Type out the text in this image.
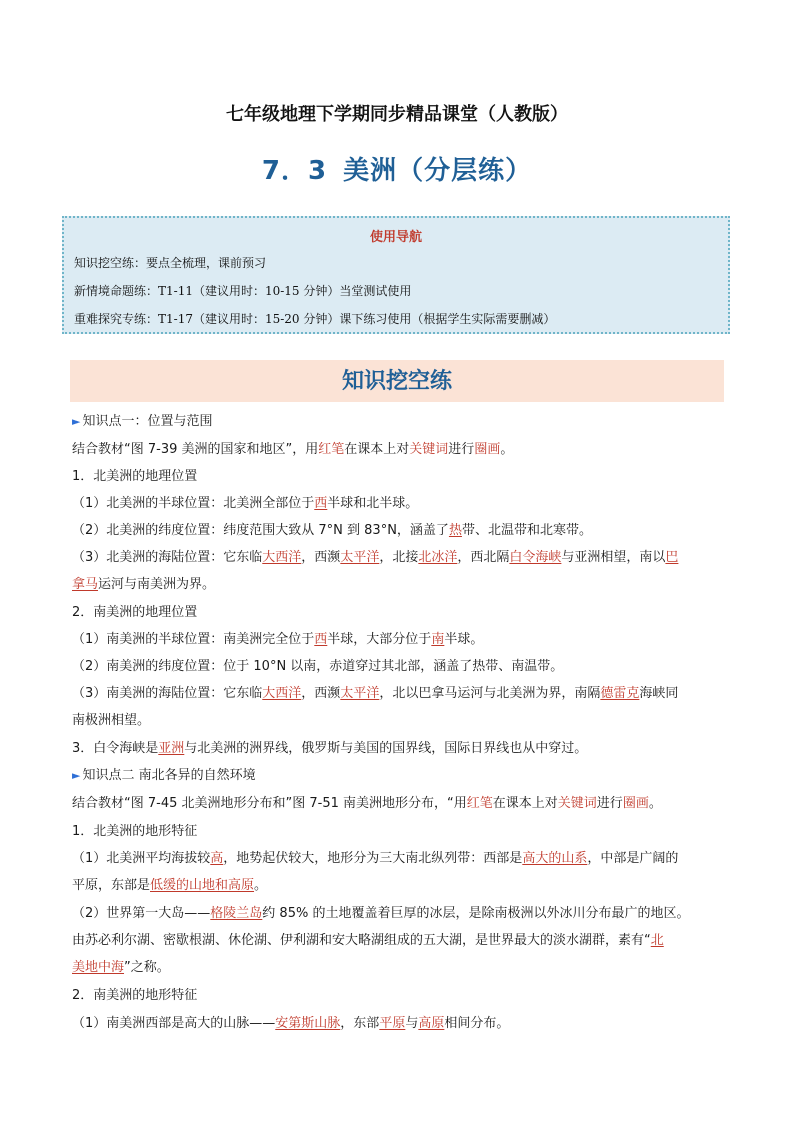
七年级地理下学期同步精品课堂（人教版）
7．3 美洲（分层练）
使用导航
知识挖空练：要点全梳理，课前预习
新情境命题练：T1-11（建议用时：10-15 分钟）当堂测试使用
重难探究专练：T1-17（建议用时：15-20 分钟）课下练习使用（根据学生实际需要删减）
知识挖空练
► 知识点一：位置与范围
结合教材“图 7-39 美洲的国家和地区”，用红笔在课本上对关键词进行圈画。
1．北美洲的地理位置
（1）北美洲的半球位置：北美洲全部位于西半球和北半球。
（2）北美洲的纬度位置：纬度范围大致从 7°N 到 83°N，涵盖了热带、北温带和北寒带。
（3）北美洲的海陆位置：它东临大西洋，西濒太平洋，北接北冰洋，西北隔白令海峡与亚洲相望，南以巴
拿马运河与南美洲为界。
2．南美洲的地理位置
（1）南美洲的半球位置：南美洲完全位于西半球，大部分位于南半球。
（2）南美洲的纬度位置：位于 10°N 以南，赤道穿过其北部，涵盖了热带、南温带。
（3）南美洲的海陆位置：它东临大西洋，西濒太平洋，北以巴拿马运河与北美洲为界，南隔德雷克海峡同
南极洲相望。
3．白令海峡是亚洲与北美洲的洲界线，俄罗斯与美国的国界线，国际日界线也从中穿过。
► 知识点二 南北各异的自然环境
结合教材“图 7-45 北美洲地形分布和”图 7-51 南美洲地形分布，“用红笔在课本上对关键词进行圈画。
1．北美洲的地形特征
（1）北美洲平均海拔较高，地势起伏较大，地形分为三大南北纵列带：西部是高大的山系，中部是广阔的
平原，东部是低缓的山地和高原。
（2）世界第一大岛——格陵兰岛约 85% 的土地覆盖着巨厚的冰层，是除南极洲以外冰川分布最广的地区。
由苏必利尔湖、密歇根湖、休伦湖、伊利湖和安大略湖组成的五大湖，是世界最大的淡水湖群，素有“北
美地中海”之称。
2．南美洲的地形特征
（1）南美洲西部是高大的山脉——安第斯山脉，东部平原与高原相间分布。
